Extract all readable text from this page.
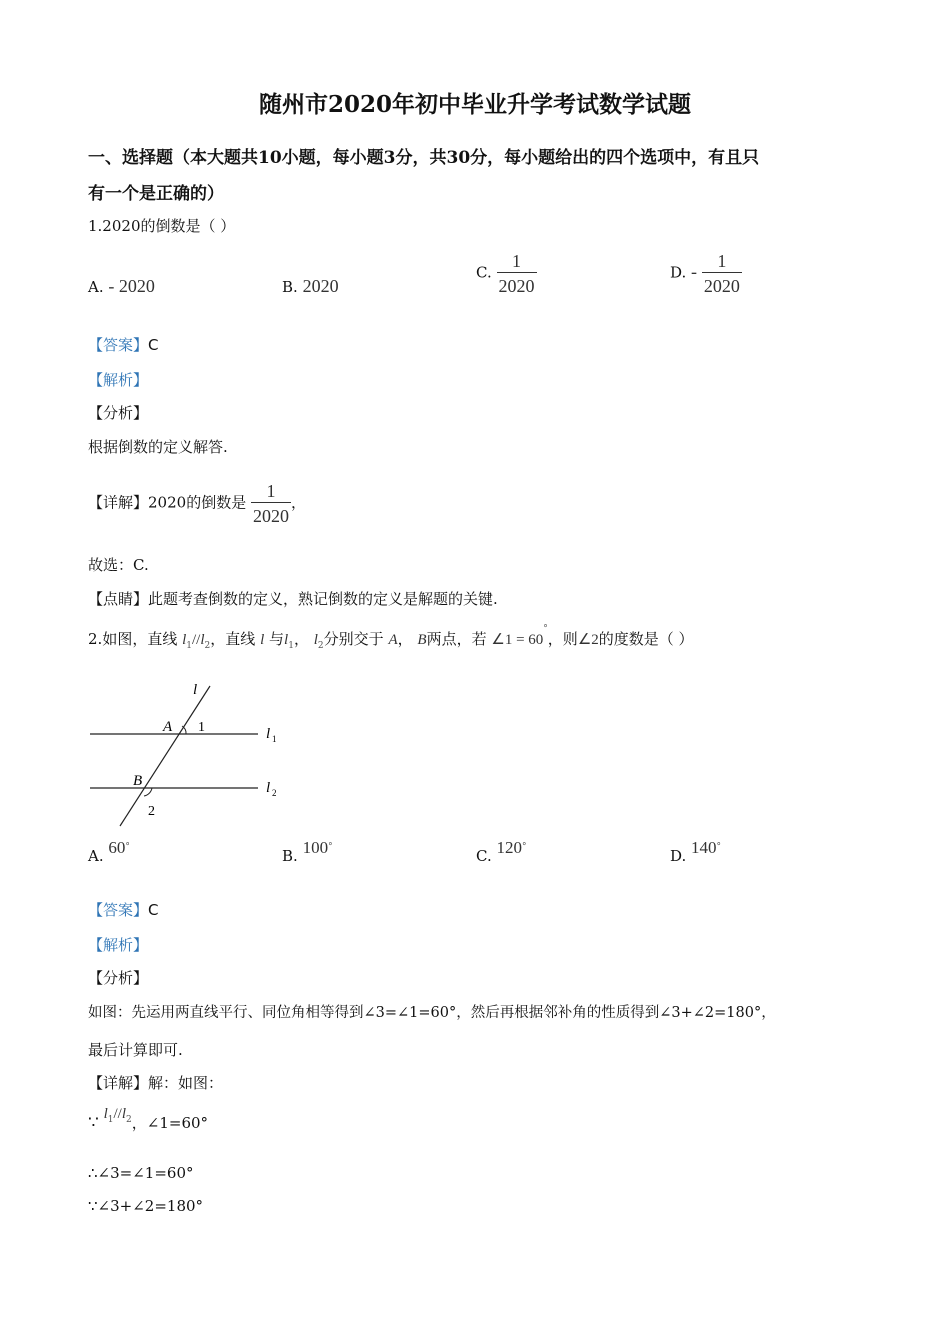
随州市2020年初中毕业升学考试数学试题
一、选择题（本大题共10小题，每小题3分，共30分，每小题给出的四个选项中，有且只
有一个是正确的）
1.2020的倒数是（ ）
A. - 2020	B. 2020
C. $\frac{1}{2020}$	D. - $\frac{1}{2020}$
【答案】C
【解析】
【分析】
根据倒数的定义解答.
【详解】2020的倒数是 $\frac{1}{2020}$ ，
故选：C.
【点睛】此题考查倒数的定义，熟记倒数的定义是解题的关键.
2.如图，直线 $l_1//l_2$，直线 l 与$l_1$， $l_2$分别交于 A， B两点，若 ∠1 = 60°，则∠2的度数是（ ）
l
A 1	l 1
B	l 2
2
A. 60°	B. 100°	C. 120°	D. 140°
【答案】C
【解析】
【分析】
如图：先运用两直线平行、同位角相等得到∠3=∠1=60°，然后再根据邻补角的性质得到∠3+∠2=180°，
最后计算即可.
【详解】解：如图：
∵ $l_1//l_2$，∠1=60°
∴∠3=∠1=60°
∵∠3+∠2=180°
